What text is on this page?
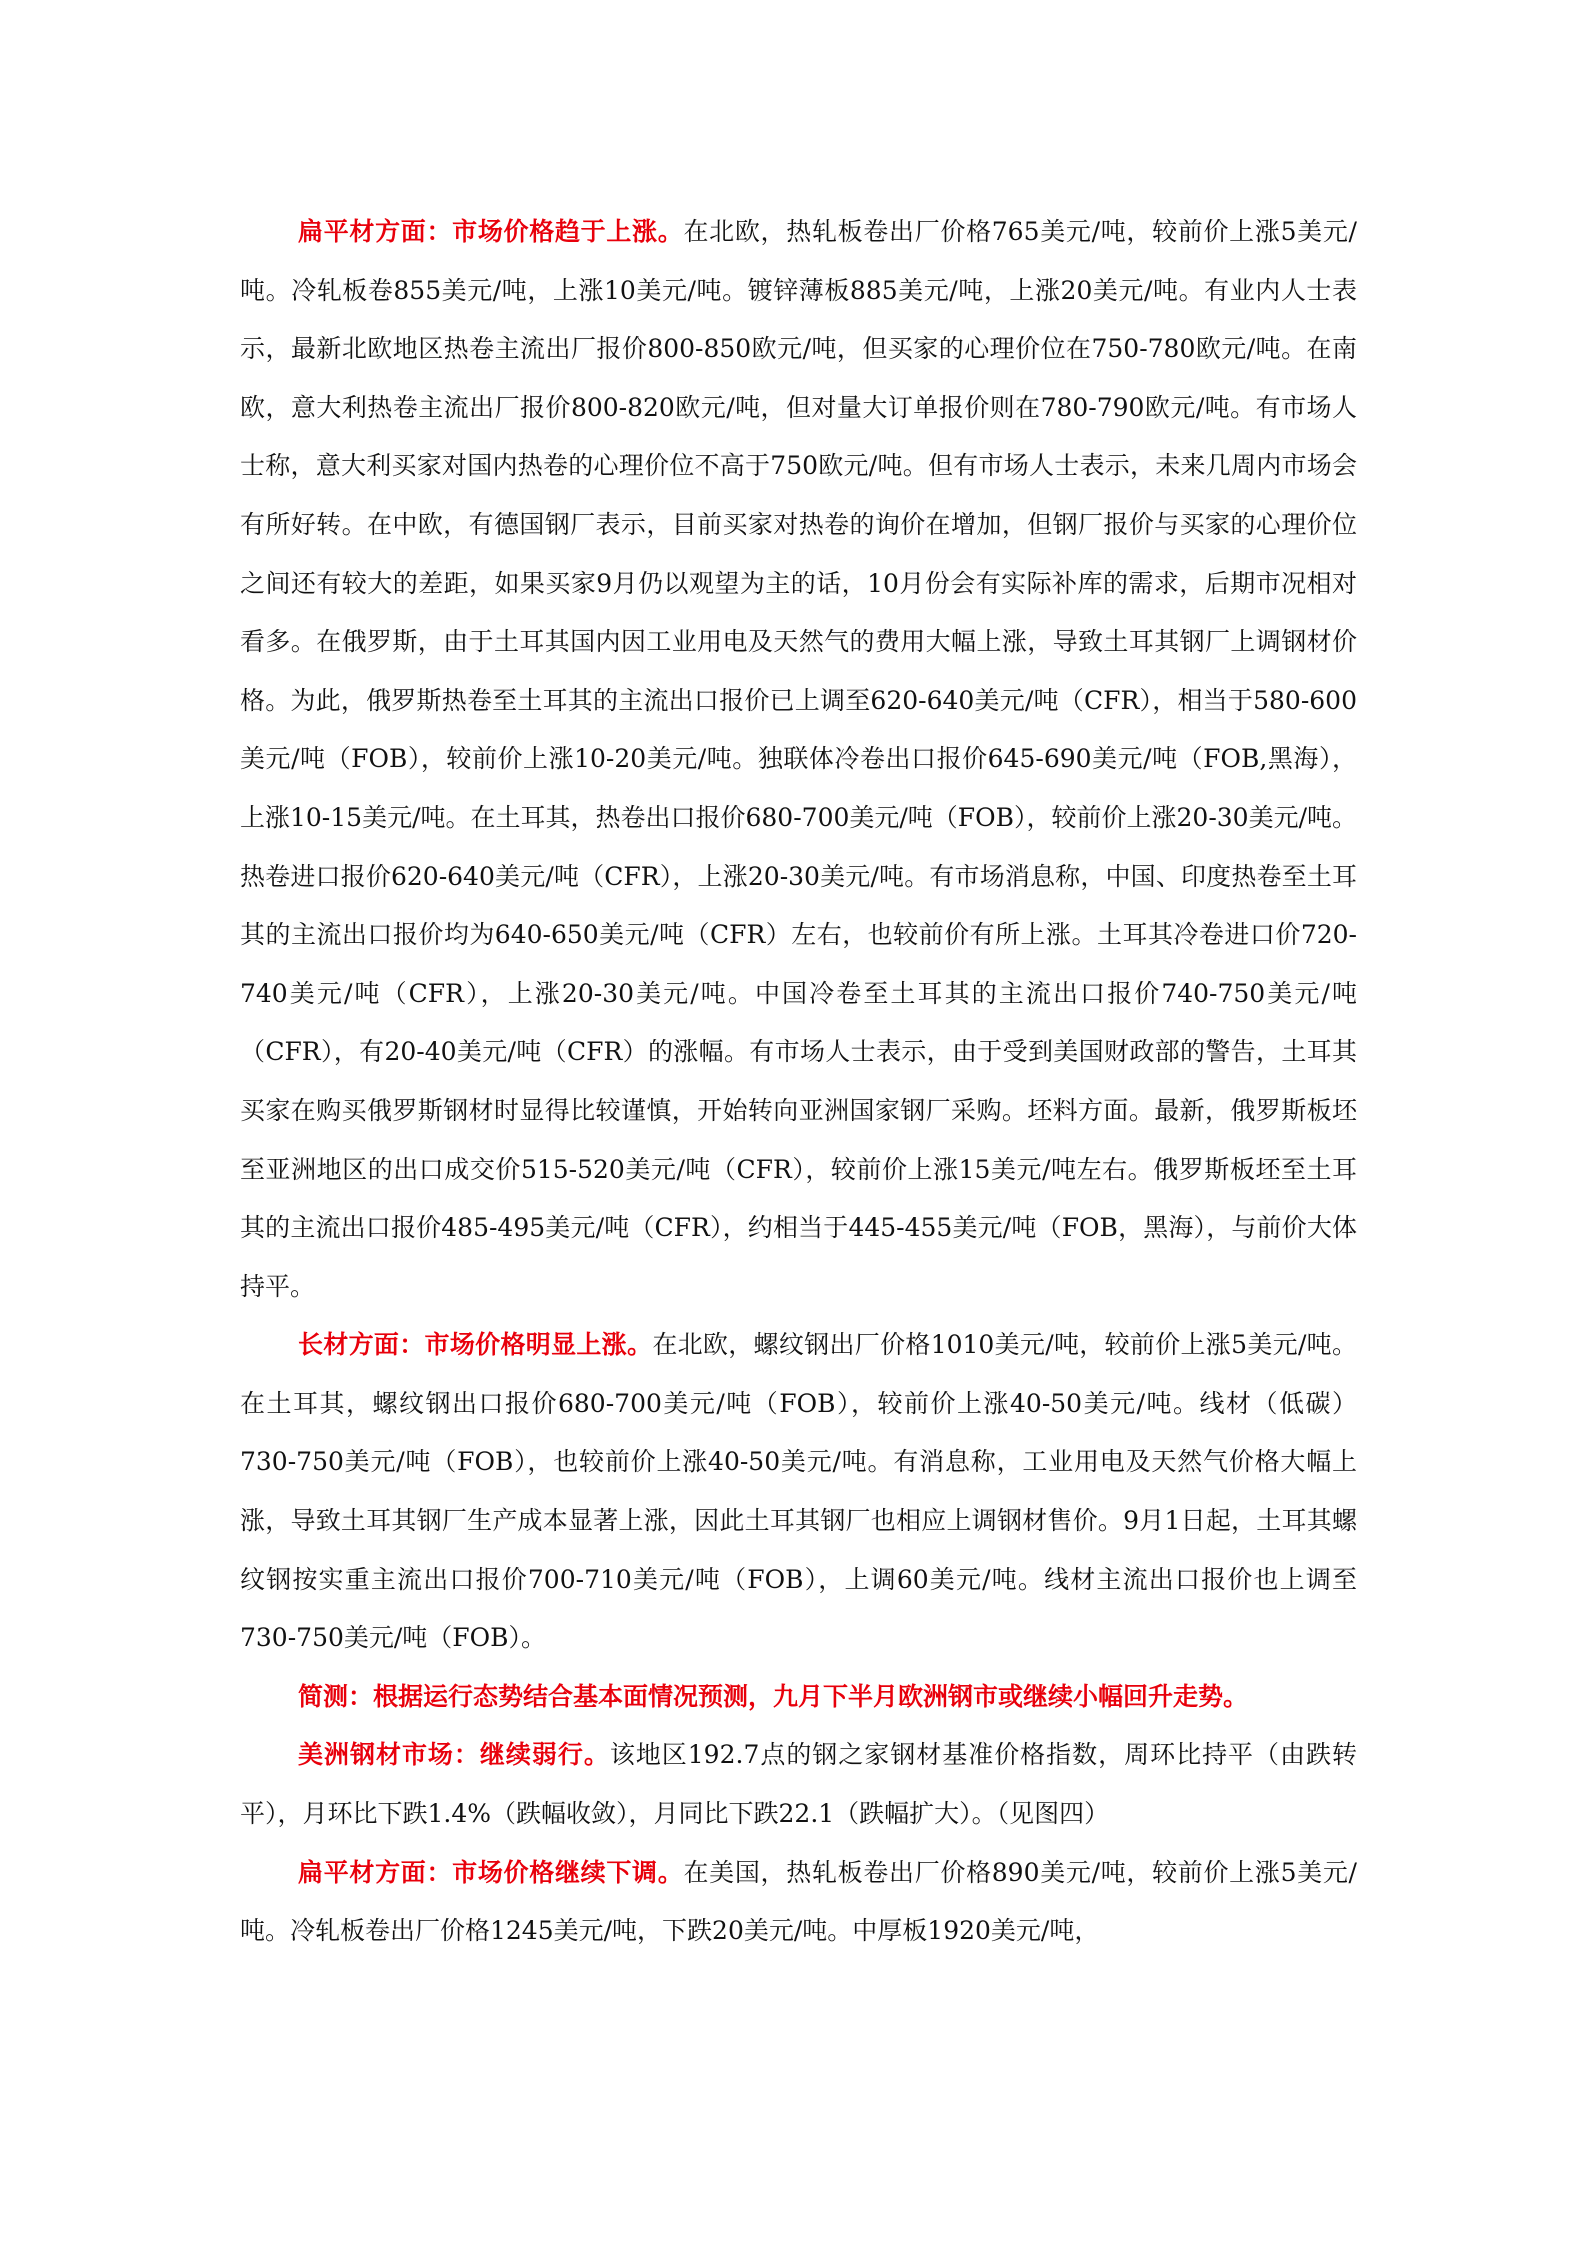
扁平材方面：市场价格趋于上涨。在北欧，热轧板卷出厂价格765美元/吨，较前价上涨5美元/吨。冷轧板卷855美元/吨，上涨10美元/吨。镀锌薄板885美元/吨，上涨20美元/吨。有业内人士表示，最新北欧地区热卷主流出厂报价800-850欧元/吨，但买家的心理价位在750-780欧元/吨。在南欧，意大利热卷主流出厂报价800-820欧元/吨，但对量大订单报价则在780-790欧元/吨。有市场人士称，意大利买家对国内热卷的心理价位不高于750欧元/吨。但有市场人士表示，未来几周内市场会有所好转。在中欧，有德国钢厂表示，目前买家对热卷的询价在增加，但钢厂报价与买家的心理价位之间还有较大的差距，如果买家9月仍以观望为主的话，10月份会有实际补库的需求，后期市况相对看多。在俄罗斯，由于土耳其国内因工业用电及天然气的费用大幅上涨，导致土耳其钢厂上调钢材价格。为此，俄罗斯热卷至土耳其的主流出口报价已上调至620-640美元/吨（CFR），相当于580-600美元/吨（FOB），较前价上涨10-20美元/吨。独联体冷卷出口报价645-690美元/吨（FOB,黑海），上涨10-15美元/吨。在土耳其，热卷出口报价680-700美元/吨（FOB），较前价上涨20-30美元/吨。热卷进口报价620-640美元/吨（CFR），上涨20-30美元/吨。有市场消息称，中国、印度热卷至土耳其的主流出口报价均为640-650美元/吨（CFR）左右，也较前价有所上涨。土耳其冷卷进口价720-740美元/吨（CFR），上涨20-30美元/吨。中国冷卷至土耳其的主流出口报价740-750美元/吨（CFR），有20-40美元/吨（CFR）的涨幅。有市场人士表示，由于受到美国财政部的警告，土耳其买家在购买俄罗斯钢材时显得比较谨慎，开始转向亚洲国家钢厂采购。坯料方面。最新，俄罗斯板坯至亚洲地区的出口成交价515-520美元/吨（CFR），较前价上涨15美元/吨左右。俄罗斯板坯至土耳其的主流出口报价485-495美元/吨（CFR），约相当于445-455美元/吨（FOB，黑海），与前价大体持平。

长材方面：市场价格明显上涨。在北欧，螺纹钢出厂价格1010美元/吨，较前价上涨5美元/吨。在土耳其，螺纹钢出口报价680-700美元/吨（FOB），较前价上涨40-50美元/吨。线材（低碳）730-750美元/吨（FOB），也较前价上涨40-50美元/吨。有消息称，工业用电及天然气价格大幅上涨，导致土耳其钢厂生产成本显著上涨，因此土耳其钢厂也相应上调钢材售价。9月1日起，土耳其螺纹钢按实重主流出口报价700-710美元/吨（FOB），上调60美元/吨。线材主流出口报价也上调至730-750美元/吨（FOB）。

简测：根据运行态势结合基本面情况预测，九月下半月欧洲钢市或继续小幅回升走势。

美洲钢材市场：继续弱行。该地区192.7点的钢之家钢材基准价格指数，周环比持平（由跌转平），月环比下跌1.4%（跌幅收敛），月同比下跌22.1（跌幅扩大）。（见图四）

扁平材方面：市场价格继续下调。在美国，热轧板卷出厂价格890美元/吨，较前价上涨5美元/吨。冷轧板卷出厂价格1245美元/吨，下跌20美元/吨。中厚板1920美元/吨，
